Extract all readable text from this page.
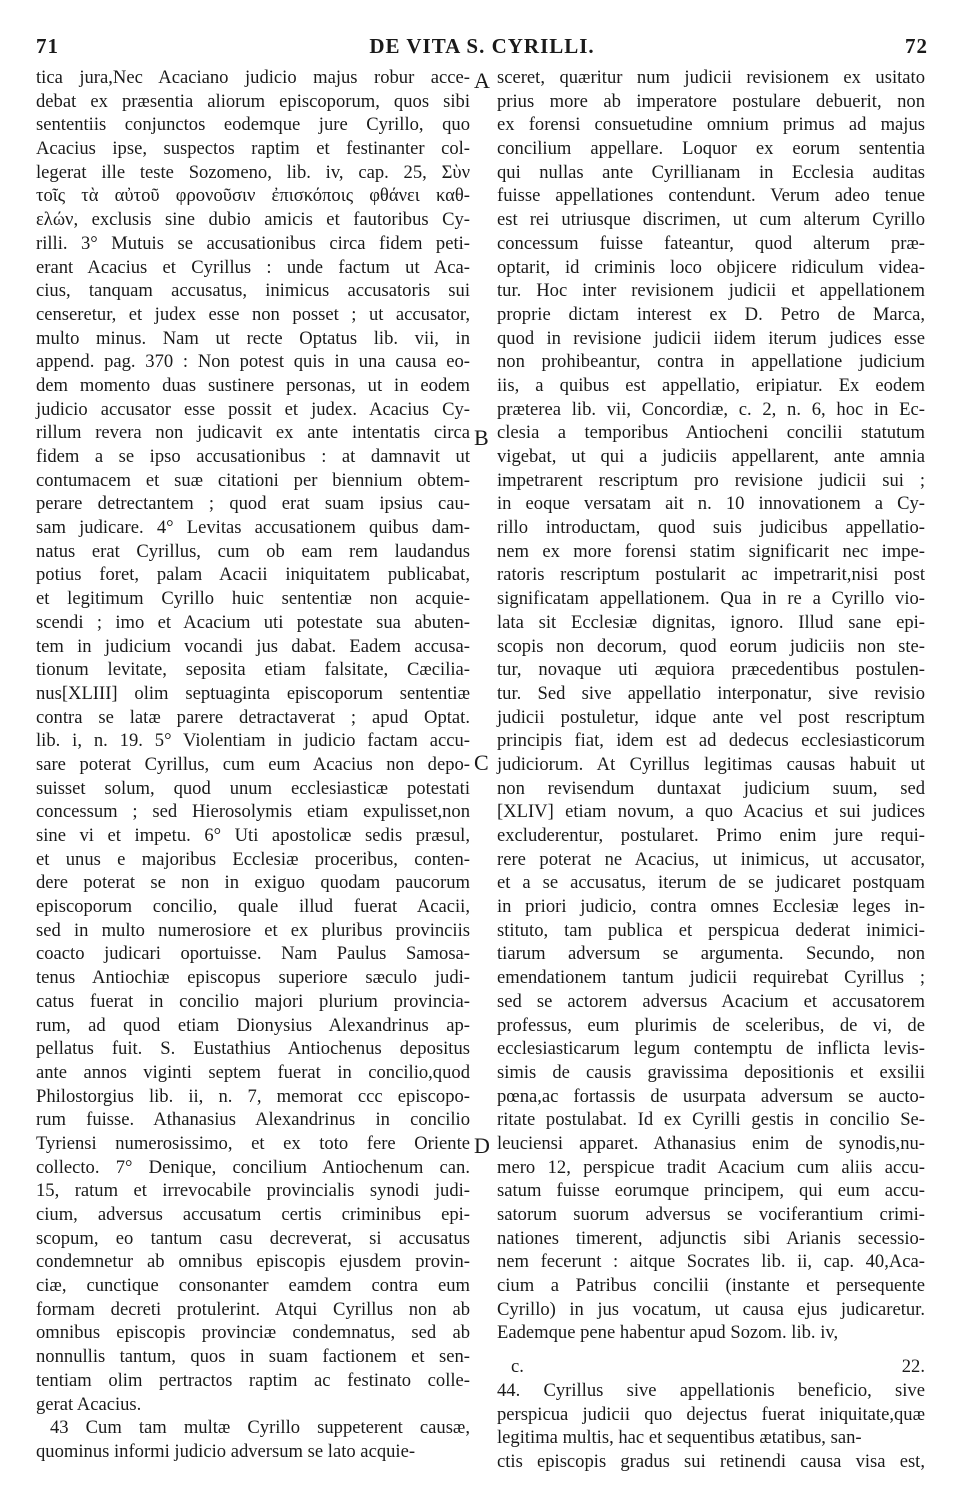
71	DE VITA S. CYRILLI.	72
tica jura,Nec Acaciano judicio majus robur acce-
debat ex præsentia aliorum episcoporum, quos sibi
sententiis conjunctos eodemque jure Cyrillo, quo
Acacius ipse, suspectos raptim et festinanter col-
legerat ille teste Sozomeno, lib. iv, cap. 25, Σὺν
τοῖς τὰ αὐτοῦ φρονοῦσιν ἐπισκόποις φθάνει καθ-
ελών, exclusis sine dubio amicis et fautoribus Cy-
rilli. 3° Mutuis se accusationibus circa fidem peti-
erant Acacius et Cyrillus : unde factum ut Aca-
cius, tanquam accusatus, inimicus accusatoris sui
censeretur, et judex esse non posset ; ut accusator,
multo minus. Nam ut recte Optatus lib. vii, in
append. pag. 370 : Non potest quis in una causa eo-
dem momento duas sustinere personas, ut in eodem
judicio accusator esse possit et judex. Acacius Cy-
rillum revera non judicavit ex ante intentatis circa
fidem a se ipso accusationibus : at damnavit ut
contumacem et suæ citationi per biennium obtem-
perare detrectantem ; quod erat suam ipsius cau-
sam judicare. 4° Levitas accusationem quibus dam-
natus erat Cyrillus, cum ob eam rem laudandus
potius foret, palam Acacii iniquitatem publicabat,
et legitimum Cyrillo huic sententiæ non acquie-
scendi ; imo et Acacium uti potestate sua abuten-
tem in judicium vocandi jus dabat. Eadem accusa-
tionum levitate, seposita etiam falsitate, Cæcilia-
nus[XLIII] olim septuaginta episcoporum sententiæ
contra se latæ parere detractaverat ; apud Optat.
lib. i, n. 19. 5° Violentiam in judicio factam accu-
sare poterat Cyrillus, cum eum Acacius non depo-
suisset solum, quod unum ecclesiasticæ potestati
concessum ; sed Hierosolymis etiam expulisset,non
sine vi et impetu. 6° Uti apostolicæ sedis præsul,
et unus e majoribus Ecclesiæ proceribus, conten-
dere poterat se non in exiguo quodam paucorum
episcoporum concilio, quale illud fuerat Acacii,
sed in multo numerosiore et ex pluribus provinciis
coacto judicari oportuisse. Nam Paulus Samosa-
tenus Antiochiæ episcopus superiore sæculo judi-
catus fuerat in concilio majori plurium provincia-
rum, ad quod etiam Dionysius Alexandrinus ap-
pellatus fuit. S. Eustathius Antiochenus depositus
ante annos viginti septem fuerat in concilio,quod
Philostorgius lib. ii, n. 7, memorat ccc episcopo-
rum fuisse. Athanasius Alexandrinus in concilio
Tyriensi numerosissimo, et ex toto fere Oriente
collecto. 7° Denique, concilium Antiochenum can.
15, ratum et irrevocabile provincialis synodi judi-
cium, adversus accusatum certis criminibus epi-
scopum, eo tantum casu decreverat, si accusatus
condemnetur ab omnibus episcopis ejusdem provin-
ciæ, cunctique consonanter eamdem contra eum
formam decreti protulerint. Atqui Cyrillus non ab
omnibus episcopis provinciæ condemnatus, sed ab
nonnullis tantum, quos in suam factionem et sen-
tentiam olim pertractos raptim ac festinato colle-
gerat Acacius.
43 Cum tam multæ Cyrillo suppeterent causæ,
quominus informi judicio adversum se lato acquie-
sceret, quæritur num judicii revisionem ex usitato
prius more ab imperatore postulare debuerit, non
ex forensi consuetudine omnium primus ad majus
concilium appellare. Loquor ex eorum sententia
qui nullas ante Cyrillianam in Ecclesia auditas
fuisse appellationes contendunt. Verum adeo tenue
est rei utriusque discrimen, ut cum alterum Cyrillo
concessum fuisse fateantur, quod alterum præ-
optarit, id criminis loco objicere ridiculum videa-
tur. Hoc inter revisionem judicii et appellationem
proprie dictam interest ex D. Petro de Marca,
quod in revisione judicii iidem iterum judices esse
non prohibeantur, contra in appellatione judicium
iis, a quibus est appellatio, eripiatur. Ex eodem
præterea lib. vii, Concordiæ, c. 2, n. 6, hoc in Ec-
clesia a temporibus Antiocheni concilii statutum
vigebat, ut qui a judiciis appellarent, ante amnia
impetrarent rescriptum pro revisione judicii sui ;
in eoque versatam ait n. 10 innovationem a Cy-
rillo introductam, quod suis judicibus appellatio-
nem ex more forensi statim significarit nec impe-
ratoris rescriptum postularit ac impetrarit,nisi post
significatam appellationem. Qua in re a Cyrillo vio-
lata sit Ecclesiæ dignitas, ignoro. Illud sane epi-
scopis non decorum, quod eorum judiciis non ste-
tur, novaque uti æquiora præcedentibus postulen-
tur. Sed sive appellatio interponatur, sive revisio
judicii postuletur, idque ante vel post rescriptum
principis fiat, idem est ad dedecus ecclesiasticorum
judiciorum. At Cyrillus legitimas causas habuit ut
non revisendum duntaxat judicium suum, sed
[XLIV] etiam novum, a quo Acacius et sui judices
excluderentur, postularet. Primo enim jure requi-
rere poterat ne Acacius, ut inimicus, ut accusator,
et a se accusatus, iterum de se judicaret postquam
in priori judicio, contra omnes Ecclesiæ leges in-
stituto, tam publica et perspicua dederat inimici-
tiarum adversum se argumenta. Secundo, non
emendationem tantum judicii requirebat Cyrillus ;
sed se actorem adversus Acacium et accusatorem
professus, eum plurimis de sceleribus, de vi, de
ecclesiasticarum legum contemptu de inflicta levis-
simis de causis gravissima depositionis et exsilii
pœna,ac fortassis de usurpata adversum se aucto-
ritate postulabat. Id ex Cyrilli gestis in concilio Se-
leuciensi apparet. Athanasius enim de synodis,nu-
mero 12, perspicue tradit Acacium cum aliis accu-
satum fuisse eorumque principem, qui eum accu-
satorum suorum adversus se vociferantium crimi-
nationes timerent, adjunctis sibi Arianis secessio-
nem fecerunt : aitque Socrates lib. ii, cap. 40,Aca-
cium a Patribus concilii (instante et persequente
Cyrillo) in jus vocatum, ut causa ejus judicaretur.
Eademque pene habentur apud Sozom. lib. iv,
c. 22.
44. Cyrillus sive appellationis beneficio, sive
perspicua judicii quo dejectus fuerat iniquitate,quæ
legitima multis, hac et sequentibus ætatibus, san-
ctis episcopis gradus sui retinendi causa visa est,
A
B
C
D
